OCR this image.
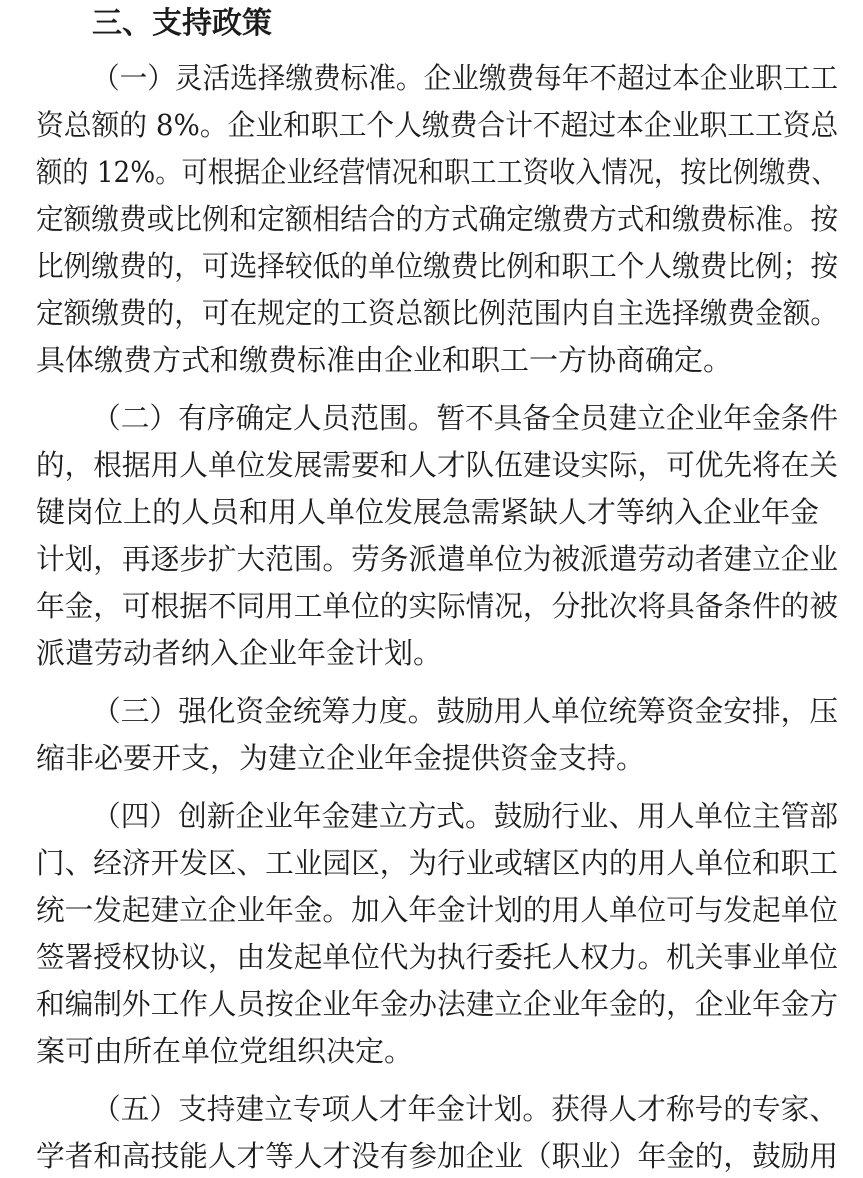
三、支持政策
（一）灵活选择缴费标准。企业缴费每年不超过本企业职工工
资总额的 8%。企业和职工个人缴费合计不超过本企业职工工资总
额的 12%。可根据企业经营情况和职工工资收入情况，按比例缴费、
定额缴费或比例和定额相结合的方式确定缴费方式和缴费标准。按
比例缴费的，可选择较低的单位缴费比例和职工个人缴费比例；按
定额缴费的，可在规定的工资总额比例范围内自主选择缴费金额。
具体缴费方式和缴费标准由企业和职工一方协商确定。
（二）有序确定人员范围。暂不具备全员建立企业年金条件
的，根据用人单位发展需要和人才队伍建设实际，可优先将在关
键岗位上的人员和用人单位发展急需紧缺人才等纳入企业年金
计划，再逐步扩大范围。劳务派遣单位为被派遣劳动者建立企业
年金，可根据不同用工单位的实际情况，分批次将具备条件的被
派遣劳动者纳入企业年金计划。
（三）强化资金统筹力度。鼓励用人单位统筹资金安排，压
缩非必要开支，为建立企业年金提供资金支持。
（四）创新企业年金建立方式。鼓励行业、用人单位主管部
门、经济开发区、工业园区，为行业或辖区内的用人单位和职工
统一发起建立企业年金。加入年金计划的用人单位可与发起单位
签署授权协议，由发起单位代为执行委托人权力。机关事业单位
和编制外工作人员按企业年金办法建立企业年金的，企业年金方
案可由所在单位党组织决定。
（五）支持建立专项人才年金计划。获得人才称号的专家、
学者和高技能人才等人才没有参加企业（职业）年金的，鼓励用
